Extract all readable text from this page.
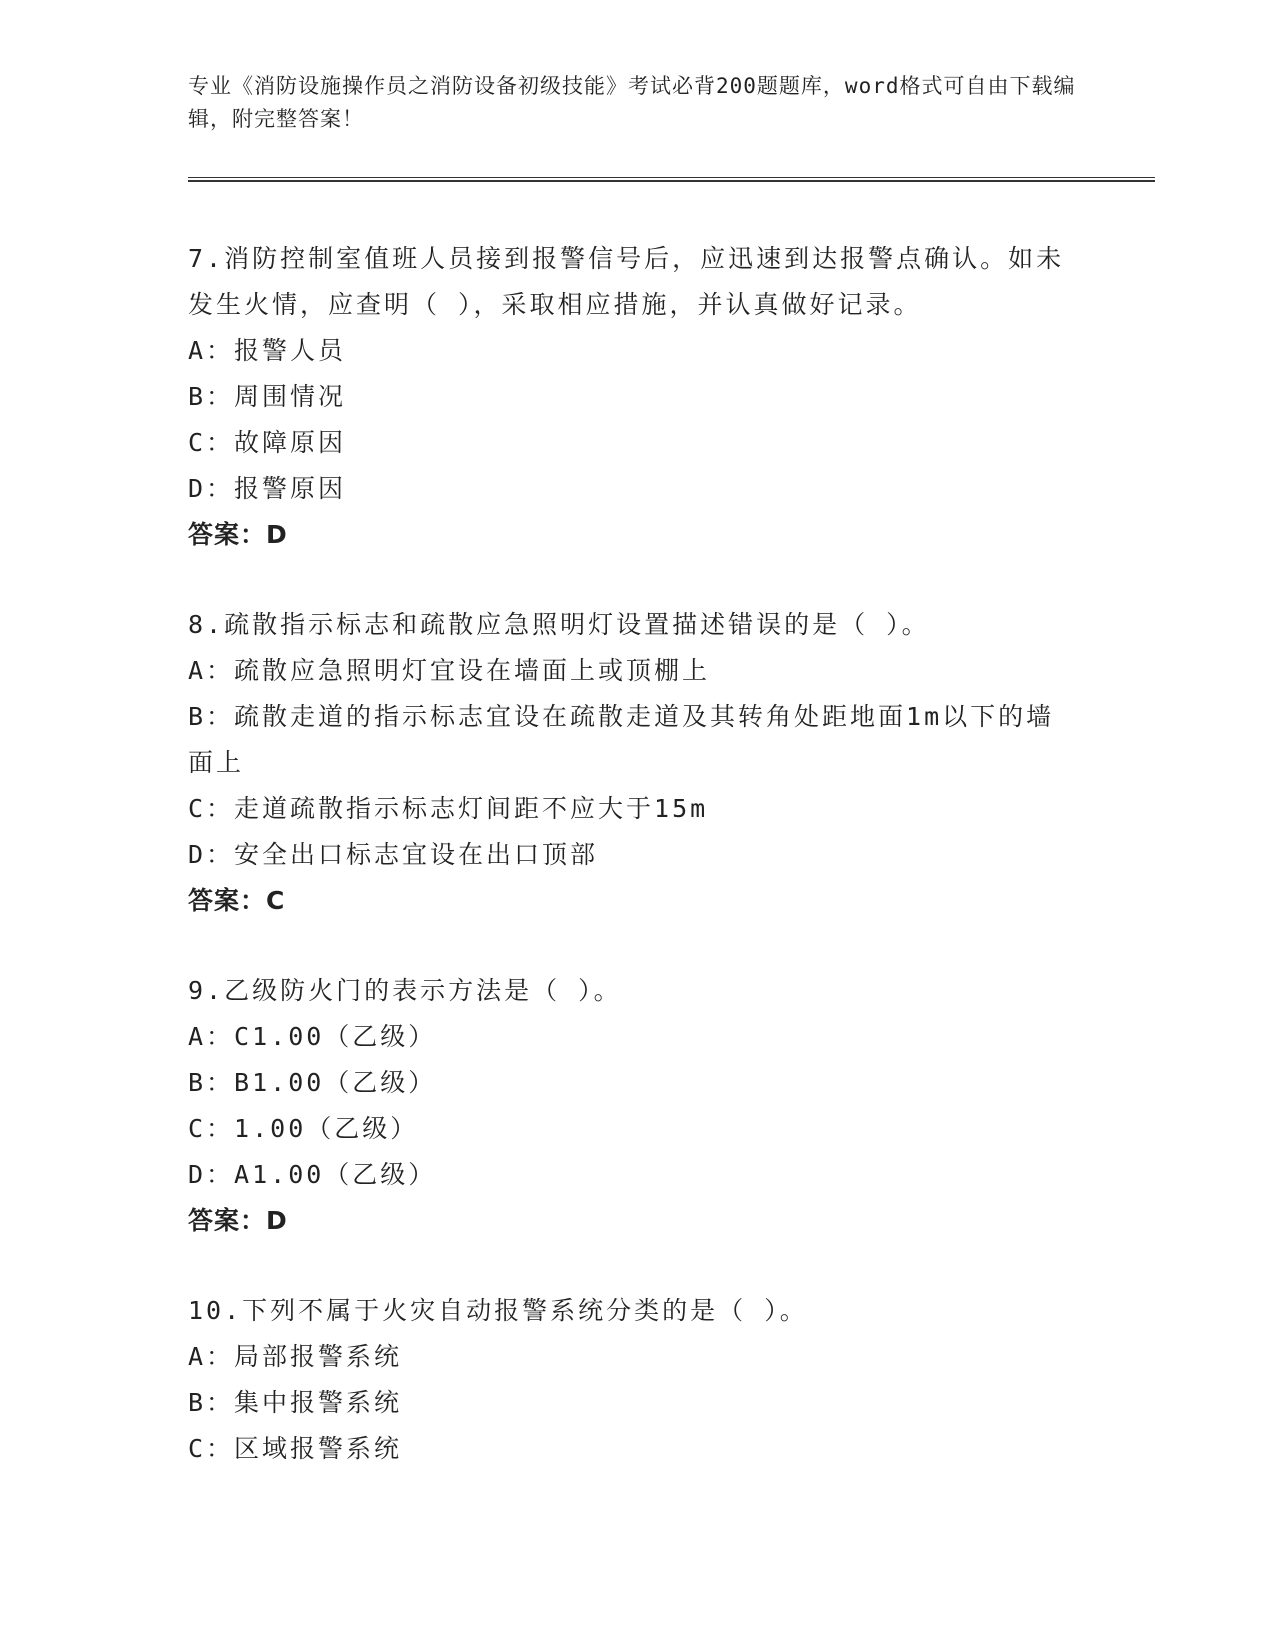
专业《消防设施操作员之消防设备初级技能》考试必背200题题库，word格式可自由下载编辑，附完整答案！
7.消防控制室值班人员接到报警信号后，应迅速到达报警点确认。如未发生火情，应查明（ ），采取相应措施，并认真做好记录。
A：报警人员
B：周围情况
C：故障原因
D：报警原因
答案：D
8.疏散指示标志和疏散应急照明灯设置描述错误的是（ ）。
A：疏散应急照明灯宜设在墙面上或顶棚上
B：疏散走道的指示标志宜设在疏散走道及其转角处距地面1m以下的墙面上
C：走道疏散指示标志灯间距不应大于15m
D：安全出口标志宜设在出口顶部
答案：C
9.乙级防火门的表示方法是（ ）。
A：C1.00（乙级）
B：B1.00（乙级）
C：1.00（乙级）
D：A1.00（乙级）
答案：D
10.下列不属于火灾自动报警系统分类的是（ ）。
A：局部报警系统
B：集中报警系统
C：区域报警系统
